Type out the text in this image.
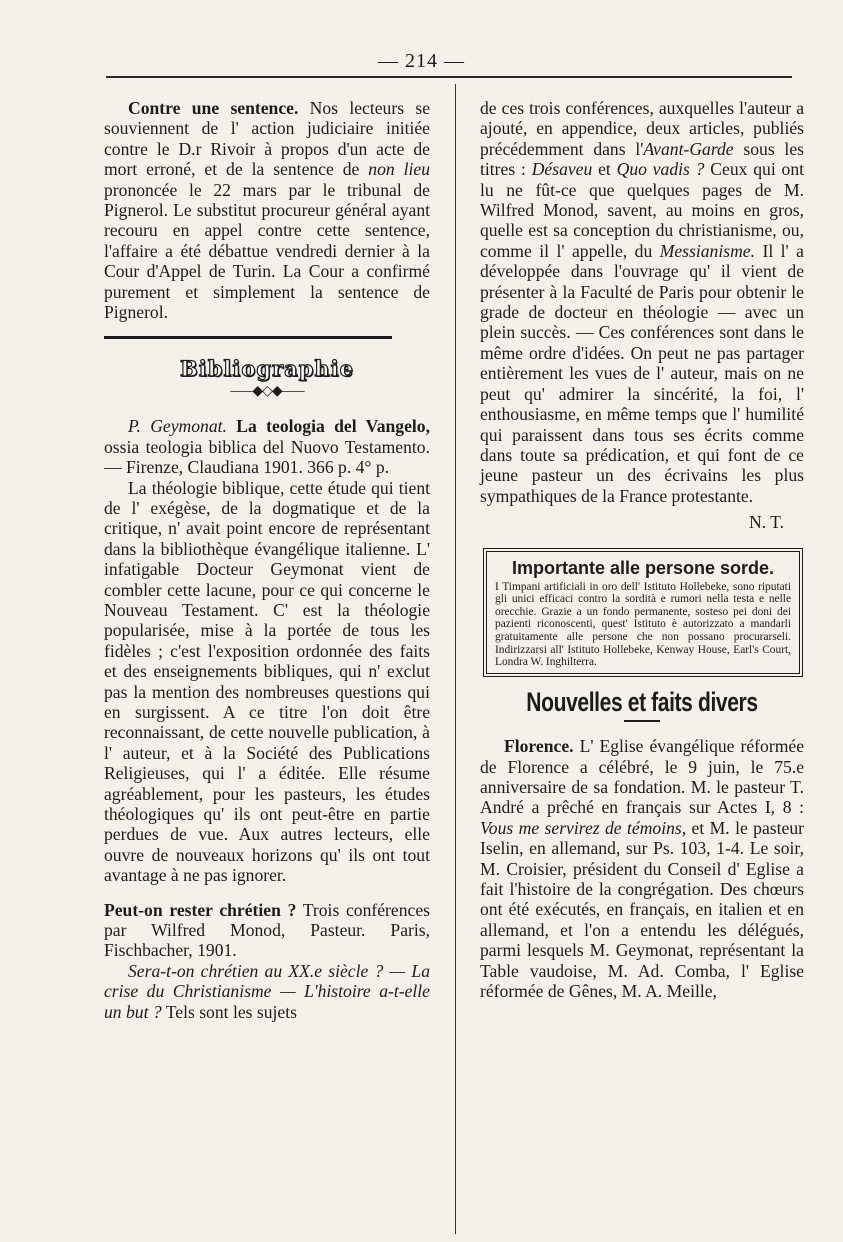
— 214 —

Contre une sentence. Nos lecteurs se souviennent de l' action judiciaire initiée contre le D.r Rivoir à propos d'un acte de mort erroné, et de la sentence de non lieu prononcée le 22 mars par le tribunal de Pignerol. Le substitut procureur général ayant recouru en appel contre cette sentence, l'affaire a été débattue vendredi dernier à la Cour d'Appel de Turin. La Cour a confirmé purement et simplement la sentence de Pignerol.

Bibliographie
⸺◆◇◆⸺

P. Geymonat. La teologia del Vangelo, ossia teologia biblica del Nuovo Testamento. — Firenze, Claudiana 1901. 366 p. 4° p.

La théologie biblique, cette étude qui tient de l' exégèse, de la dogmatique et de la critique, n' avait point encore de représentant dans la bibliothèque évangélique italienne. L' infatigable Docteur Geymonat vient de combler cette lacune, pour ce qui concerne le Nouveau Testament. C' est la théologie popularisée, mise à la portée de tous les fidèles ; c'est l'exposition ordonnée des faits et des enseignements bibliques, qui n' exclut pas la mention des nombreuses questions qui en surgissent. A ce titre l'on doit être reconnaissant, de cette nouvelle publication, à l' auteur, et à la Société des Publications Religieuses, qui l' a éditée. Elle résume agréablement, pour les pasteurs, les études théologiques qu' ils ont peut-être en partie perdues de vue. Aux autres lecteurs, elle ouvre de nouveaux horizons qu' ils ont tout avantage à ne pas ignorer.

Peut-on rester chrétien ? Trois conférences par Wilfred Monod, Pasteur. Paris, Fischbacher, 1901.

Sera-t-on chrétien au XX.e siècle ? — La crise du Christianisme — L'histoire a-t-elle un but ? Tels sont les sujets

de ces trois conférences, auxquelles l'auteur a ajouté, en appendice, deux articles, publiés précédemment dans l'Avant-Garde sous les titres : Désaveu et Quo vadis ? Ceux qui ont lu ne fût-ce que quelques pages de M. Wilfred Monod, savent, au moins en gros, quelle est sa conception du christianisme, ou, comme il l' appelle, du Messianisme. Il l' a développée dans l'ouvrage qu' il vient de présenter à la Faculté de Paris pour obtenir le grade de docteur en théologie — avec un plein succès. — Ces conférences sont dans le même ordre d'idées. On peut ne pas partager entièrement les vues de l' auteur, mais on ne peut qu' admirer la sincérité, la foi, l' enthousiasme, en même temps que l' humilité qui paraissent dans tous ses écrits comme dans toute sa prédication, et qui font de ce jeune pasteur un des écrivains les plus sympathiques de la France protestante.

N. T.

Importante alle persone sorde.
I Timpani artificiali in oro dell' Istituto Hollebeke, sono riputati gli unici efficaci contro la sordità e rumori nella testa e nelle orecchie. Grazie a un fondo permanente, sosteso pei doni dei pazienti riconoscenti, quest' Istituto è autorizzato a mandarli gratuitamente alle persone che non possano procurarseli. Indirizzarsi all' Istituto Hollebeke, Kenway House, Earl's Court, Londra W. Inghilterra.
Nouvelles et faits divers

Florence. L' Eglise évangélique réformée de Florence a célébré, le 9 juin, le 75.e anniversaire de sa fondation. M. le pasteur T. André a prêché en français sur Actes I, 8 : Vous me servirez de témoins, et M. le pasteur Iselin, en allemand, sur Ps. 103, 1-4. Le soir, M. Croisier, président du Conseil d' Eglise a fait l'histoire de la congrégation. Des chœurs ont été exécutés, en français, en italien et en allemand, et l'on a entendu les délégués, parmi lesquels M. Geymonat, représentant la Table vaudoise, M. Ad. Comba, l' Eglise réformée de Gênes, M. A. Meille,
